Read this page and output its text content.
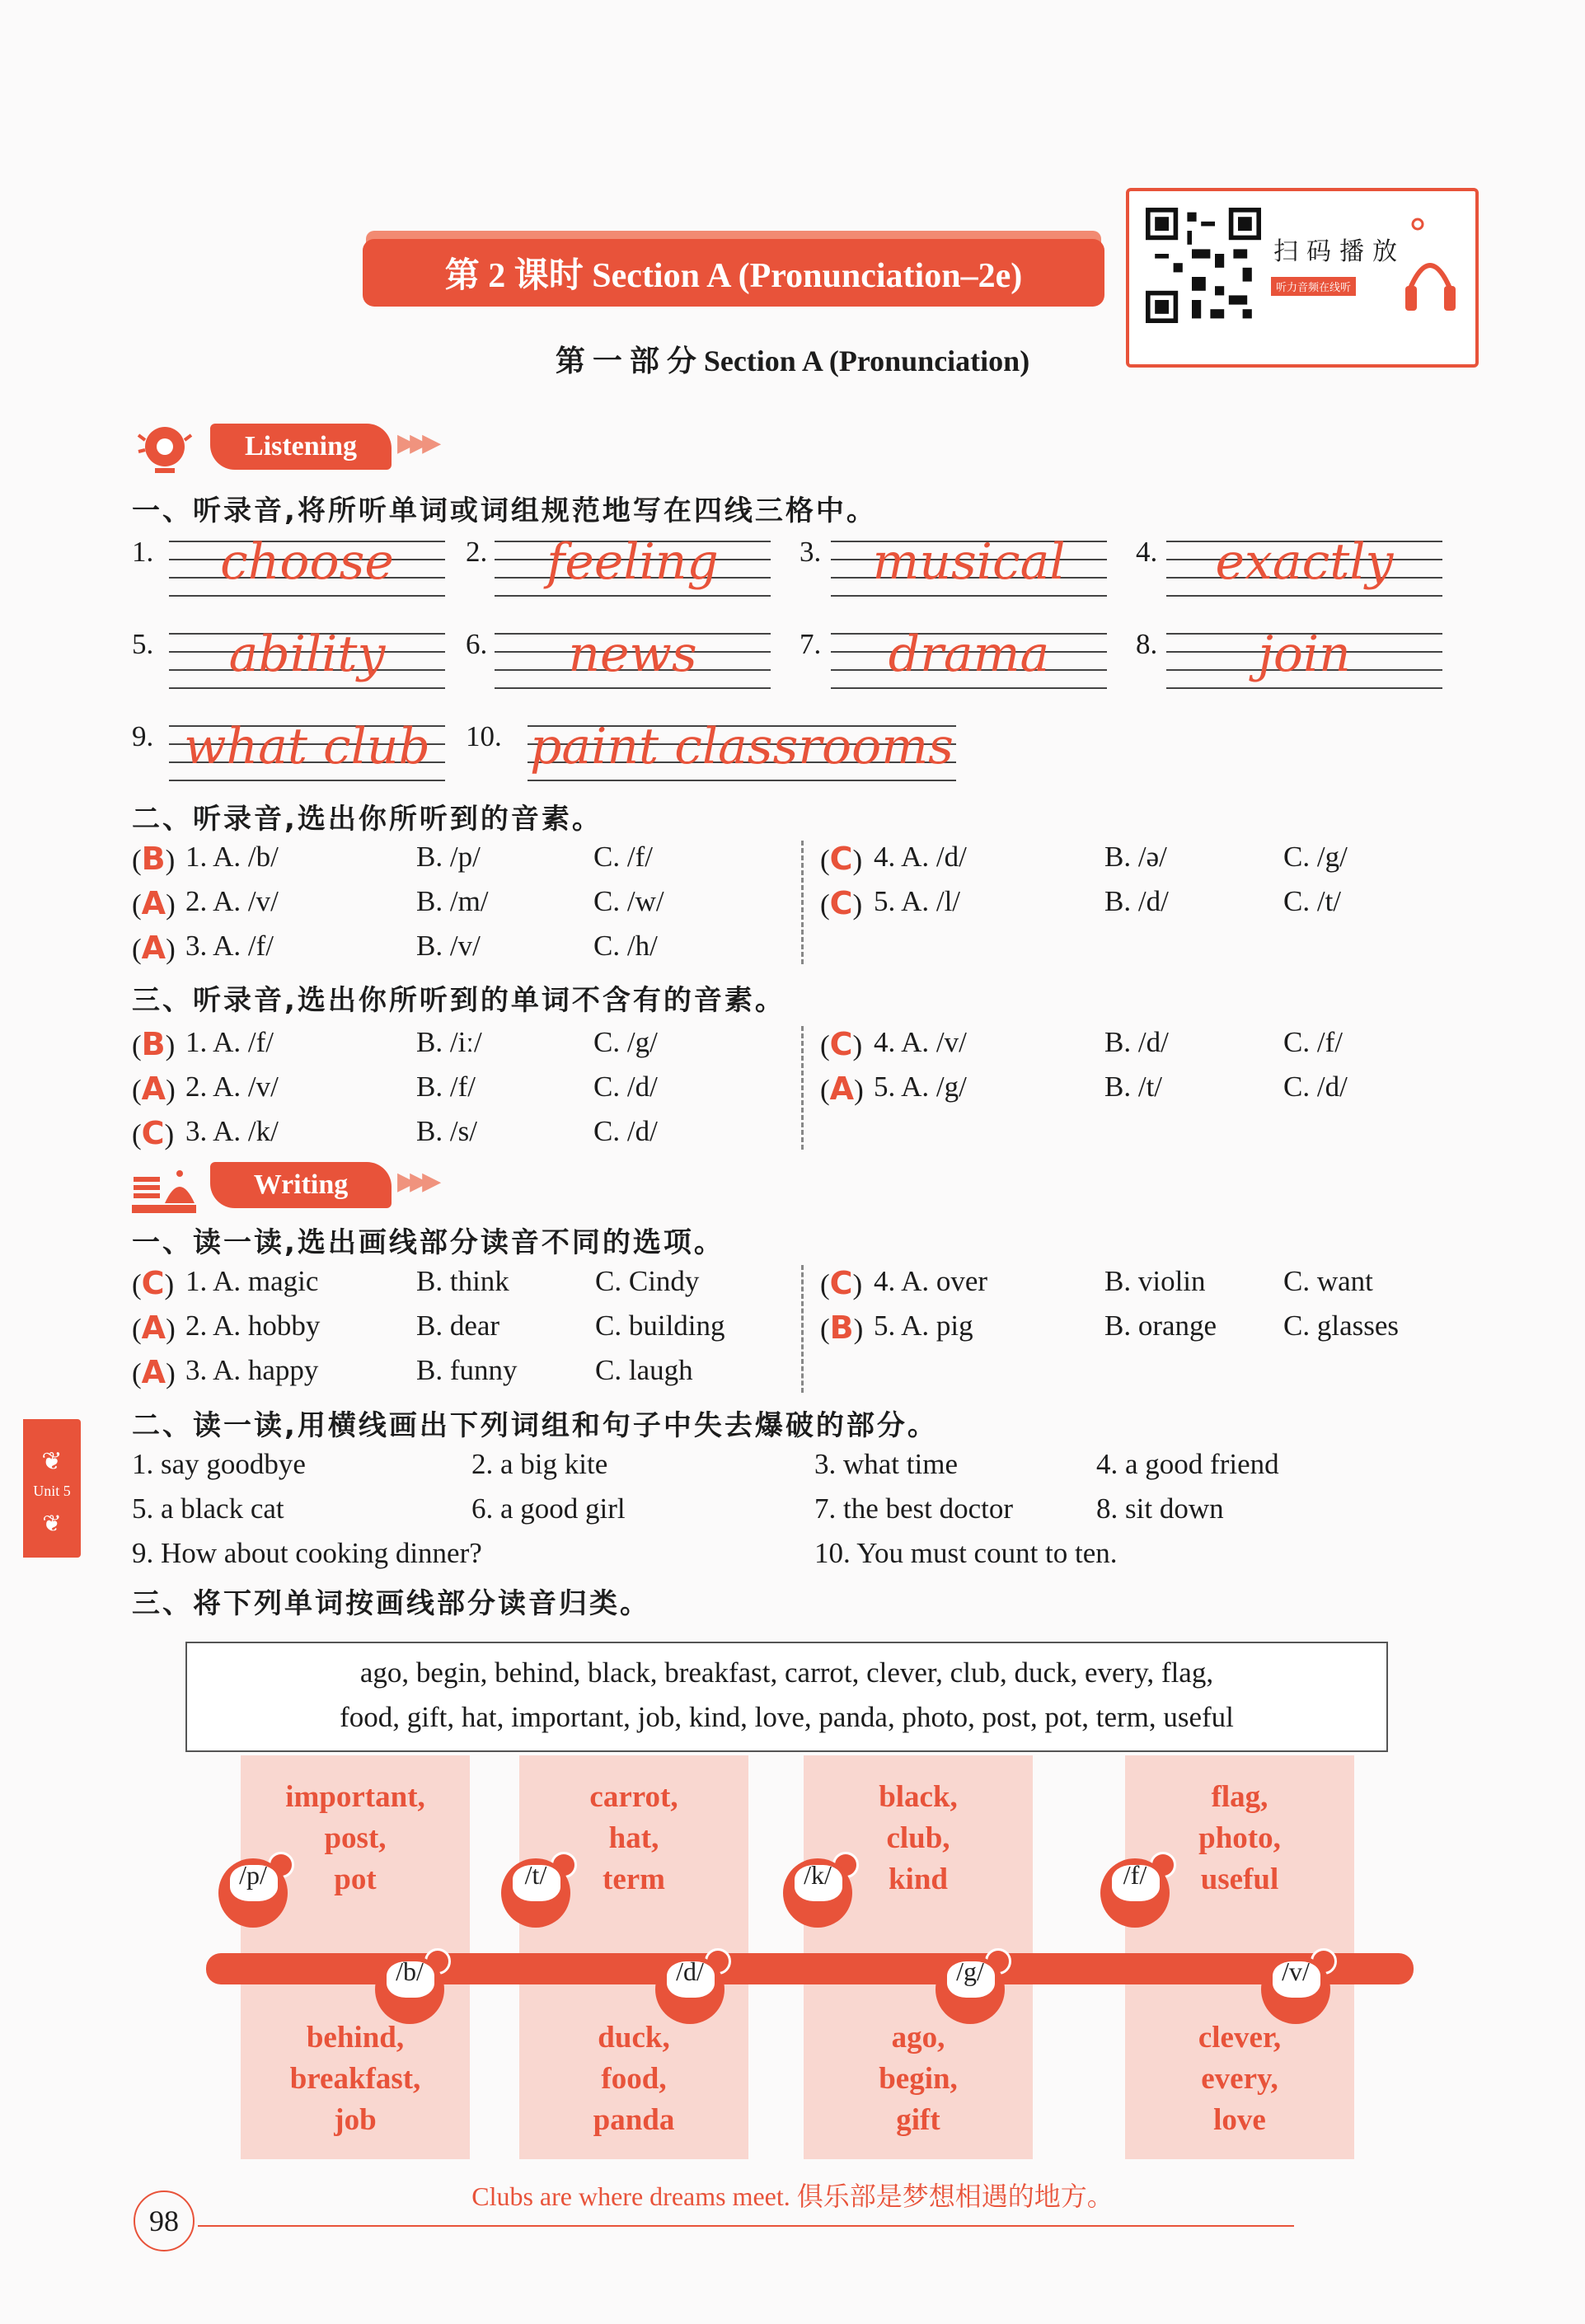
第 2 课时 Section A (Pronunciation–2e)
第 一 部 分 Section A (Pronunciation)
扫码播放
听力音频在线听
Listening ▶▶▶
一、听录音,将所听单词或词组规范地写在四线三格中。
1.	choose	2.	feeling	3.	musical	4.	exactly
5.	ability	6.	news	7.	drama	8.	join
9. what club	10. paint classrooms
二、听录音,选出你所听到的音素。
(B) 1. A. /b/	B. /p/	C. /f/
(A) 2. A. /v/	B. /m/	C. /w/
(A) 3. A. /f/	B. /v/	C. /h/
(C) 4. A. /d/	B. /ə/	C. /g/
(C) 5. A. /l/	B. /d/	C. /t/
三、听录音,选出你所听到的单词不含有的音素。
(B) 1. A. /f/	B. /iː/	C. /g/
(A) 2. A. /v/	B. /f/	C. /d/
(C) 3. A. /k/	B. /s/	C. /d/
(C) 4. A. /v/	B. /d/	C. /f/
(A) 5. A. /g/	B. /t/	C. /d/
Writing ▶▶▶
一、读一读,选出画线部分读音不同的选项。
(C) 1. A. magic	B. think	C. Cindy
(A) 2. A. hobby	B. dear	C. building
(A) 3. A. happy	B. funny	C. laugh
(C) 4. A. over	B. violin	C. want
(B) 5. A. pig	B. orange C. glasses
二、读一读,用横线画出下列词组和句子中失去爆破的部分。
1. say goodbye	2. a big kite	3. what time	4. a good friend
5. a black cat	6. a good girl	7. the best doctor	8. sit down
9. How about cooking dinner?	10. You must count to ten.
三、将下列单词按画线部分读音归类。
ago, begin, behind, black, breakfast, carrot, clever, club, duck, every, flag,
food, gift, hat, important, job, kind, love, panda, photo, post, pot, term, useful
flag,
photo,
useful
clever,
every,
love
black,
club,
kind
ago,
begin,
gift
carrot,
hat,
term
duck,
food,
panda
important,
post,
pot
behind,
breakfast,
job
/p/	/t/	/k/	/f/
/b/	/d/	/g/	/v/
❦
Unit 5
❦
98
Clubs are where dreams meet. 俱乐部是梦想相遇的地方。
